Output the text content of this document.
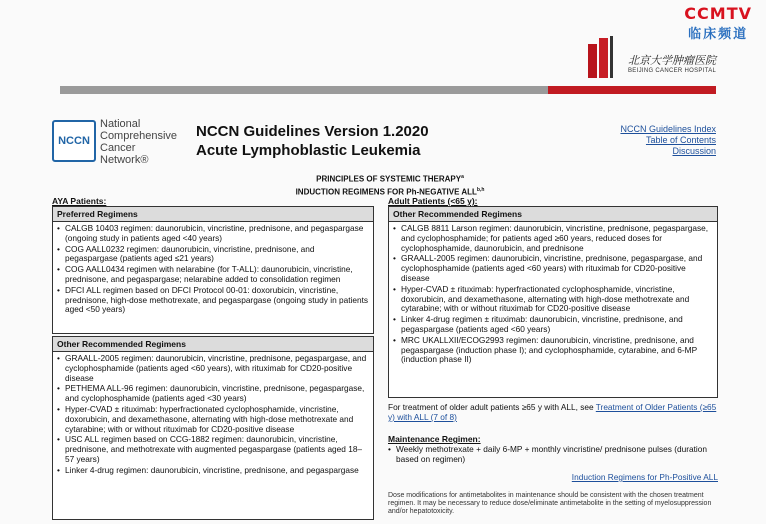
CCMTV
临床频道
北京大学肿瘤医院
BEIJING CANCER HOSPITAL
NCCN
National
Comprehensive
Cancer
Network®
NCCN Guidelines Version 1.2020
Acute Lymphoblastic Leukemia
NCCN Guidelines Index
Table of Contents
Discussion
PRINCIPLES OF SYSTEMIC THERAPY$^a$
INDUCTION REGIMENS FOR Ph-NEGATIVE ALL$^{b,h}$
AYA Patients:
Preferred Regimens
• CALGB 10403 regimen: daunorubicin, vincristine, prednisone, and pegaspargase (ongoing study in patients aged <40 years)
• COG AALL0232 regimen: daunorubicin, vincristine, prednisone, and pegaspargase (patients aged ≤21 years)
• COG AALL0434 regimen with nelarabine (for T-ALL): daunorubicin, vincristine, prednisone, and pegaspargase; nelarabine added to consolidation regimen
• DFCI ALL regimen based on DFCI Protocol 00-01: doxorubicin, vincristine, prednisone, high-dose methotrexate, and pegaspargase (ongoing study in patients aged <50 years)
Other Recommended Regimens
• GRAALL-2005 regimen: daunorubicin, vincristine, prednisone, pegaspargase, and cyclophosphamide (patients aged <60 years), with rituximab for CD20-positive disease
• PETHEMA ALL-96 regimen: daunorubicin, vincristine, prednisone, pegaspargase, and cyclophosphamide (patients aged <30 years)
• Hyper-CVAD ± rituximab: hyperfractionated cyclophosphamide, vincristine, doxorubicin, and dexamethasone, alternating with high-dose methotrexate and cytarabine; with or without rituximab for CD20-positive disease
• USC ALL regimen based on CCG-1882 regimen: daunorubicin, vincristine, prednisone, and methotrexate with augmented pegaspargase (patients aged 18–57 years)
• Linker 4-drug regimen: daunorubicin, vincristine, prednisone, and pegaspargase
Adult Patients (<65 y):
Other Recommended Regimens
• CALGB 8811 Larson regimen: daunorubicin, vincristine, prednisone, pegaspargase, and cyclophosphamide; for patients aged ≥60 years, reduced doses for cyclophosphamide, daunorubicin, and prednisone
• GRAALL-2005 regimen: daunorubicin, vincristine, prednisone, pegaspargase, and cyclophosphamide (patients aged <60 years) with rituximab for CD20-positive disease
• Hyper-CVAD ± rituximab: hyperfractionated cyclophosphamide, vincristine, doxorubicin, and dexamethasone, alternating with high-dose methotrexate and cytarabine; with or without rituximab for CD20-positive disease
• Linker 4-drug regimen ± rituximab: daunorubicin, vincristine, prednisone, and pegaspargase (patients aged <60 years)
• MRC UKALLXII/ECOG2993 regimen: daunorubicin, vincristine, prednisone, and pegaspargase (induction phase I); and cyclophosphamide, cytarabine, and 6-MP (induction phase II)
For treatment of older adult patients ≥65 y with ALL, see Treatment of Older Patients (≥65 y) with ALL (7 of 8)
Maintenance Regimen:
• Weekly methotrexate + daily 6-MP + monthly vincristine/ prednisone pulses (duration based on regimen)
Induction Regimens for Ph-Positive ALL
Dose modifications for antimetabolites in maintenance should be consistent with the chosen treatment regimen. It may be necessary to reduce dose/eliminate antimetabolite in the setting of myelosuppression and/or hepatotoxicity.
